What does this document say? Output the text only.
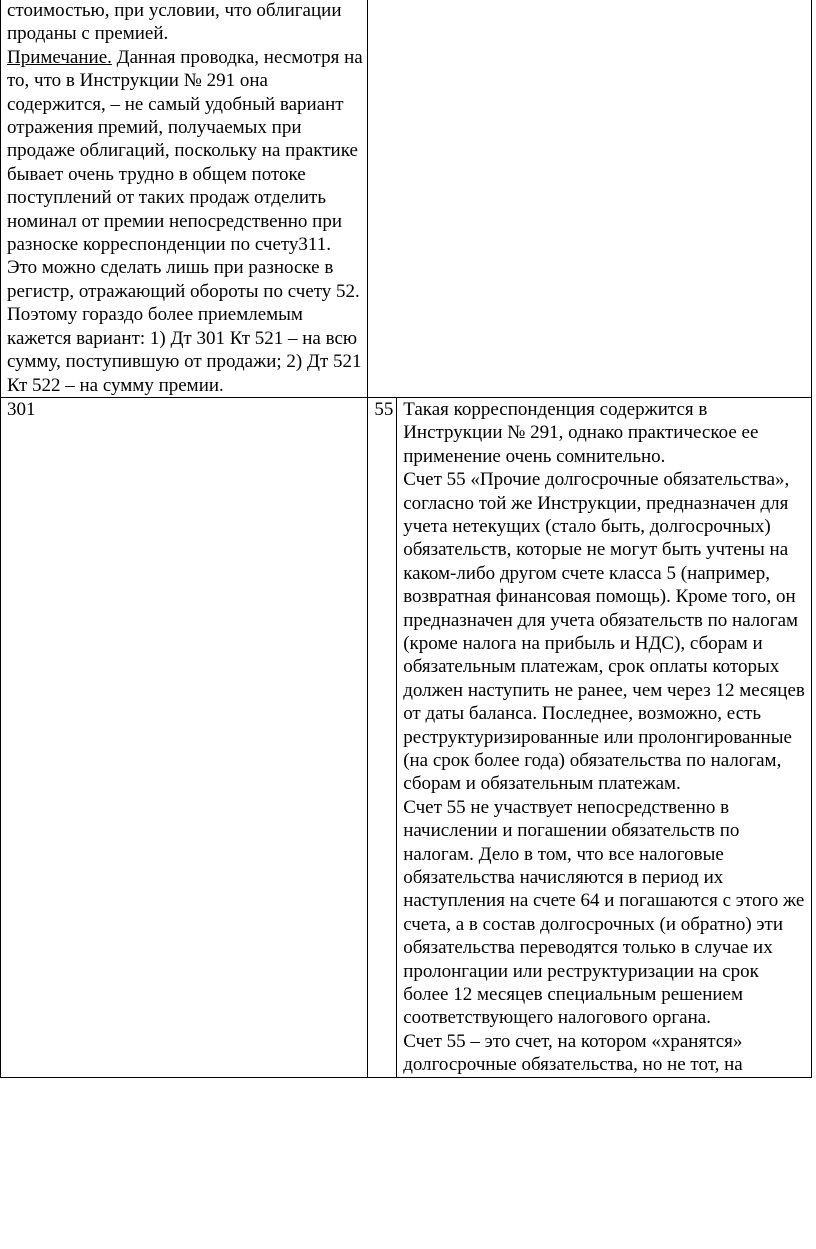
стоимостью, при условии, что облигации проданы с премией.
Примечание. Данная проводка, несмотря на то, что в Инструкции № 291 она содержится, – не самый удобный вариант отражения премий, получаемых при продаже облигаций, поскольку на практике бывает очень трудно в общем потоке поступлений от таких продаж отделить номинал от премии непосредственно при разноске корреспонденции по счету311. Это можно сделать лишь при разноске в регистр, отражающий обороты по счету 52. Поэтому гораздо более приемлемым кажется вариант: 1) Дт 301 Кт 521 – на всю сумму, поступившую от продажи; 2) Дт 521 Кт 522 – на сумму премии.		
301	55	Такая корреспонденция содержится в Инструкции № 291, однако практическое ее применение очень сомнительно.
Счет 55 «Прочие долгосрочные обязательства», согласно той же Инструкции, предназначен для учета нетекущих (стало быть, долгосрочных) обязательств, которые не могут быть учтены на каком-либо другом счете класса 5 (например, возвратная финансовая помощь). Кроме того, он предназначен для учета обязательств по налогам (кроме налога на прибыль и НДС), сборам и обязательным платежам, срок оплаты которых должен наступить не ранее, чем через 12 месяцев от даты баланса. Последнее, возможно, есть реструктуризированные или пролонгированные (на срок более года) обязательства по налогам, сборам и обязательным платежам.
Счет 55 не участвует непосредственно в начислении и погашении обязательств по налогам. Дело в том, что все налоговые обязательства начисляются в период их наступления на счете 64 и погашаются с этого же счета, а в состав долгосрочных (и обратно) эти обязательства переводятся только в случае их пролонгации или реструктуризации на срок более 12 месяцев специальным решением соответствующего налогового органа.
Счет 55 – это счет, на котором «хранятся» долгосрочные обязательства, но не тот, на
